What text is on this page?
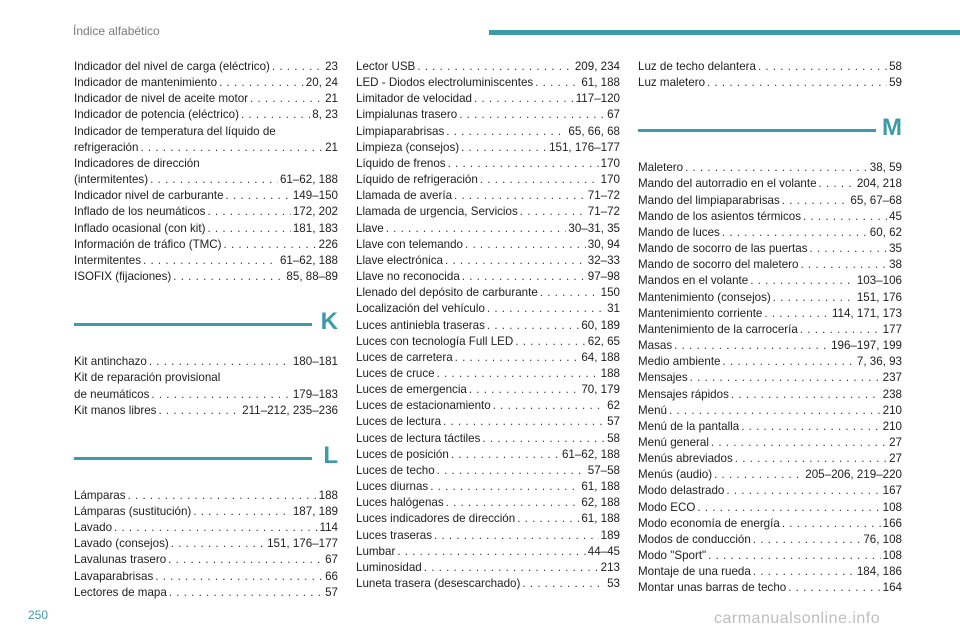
Índice alfabético
Indicador del nivel de carga (eléctrico) . . .	23
Indicador de mantenimiento . . .	20, 24
Indicador de nivel de aceite motor . . .	21
Indicador de potencia (eléctrico) . . .	8, 23
Indicador de temperatura del líquido de
refrigeración . . .	21
Indicadores de dirección
(intermitentes) . . .	61–62, 188
Indicador nivel de carburante . . .	149–150
Inflado de los neumáticos . . .	172, 202
Inflado ocasional (con kit) . . .	181, 183
Información de tráfico (TMC) . . .	226
Intermitentes . . .	61–62, 188
ISOFIX (fijaciones) . . .	85, 88–89
K
Kit antinchazo . . .	180–181
Kit de reparación provisional
de neumáticos . . .	179–183
Kit manos libres . . .	211–212, 235–236
L
Lámparas . . .	188
Lámparas (sustitución) . . .	187, 189
Lavado . . .	114
Lavado (consejos) . . .	151, 176–177
Lavalunas trasero . . .	67
Lavaparabrisas . . .	66
Lectores de mapa . . .	57
Lector USB . . .	209, 234
LED - Diodos electroluminiscentes . . .	61, 188
Limitador de velocidad . . .	117–120
Limpialunas trasero . . .	67
Limpiaparabrisas . . .	65, 66, 68
Limpieza (consejos) . . .	151, 176–177
Líquido de frenos . . .	170
Líquido de refrigeración . . .	170
Llamada de avería . . .	71–72
Llamada de urgencia, Servicios . . .	71–72
Llave . . .	30–31, 35
Llave con telemando . . .	30, 94
Llave electrónica . . .	32–33
Llave no reconocida . . .	97–98
Llenado del depósito de carburante . . .	150
Localización del vehículo . . .	31
Luces antiniebla traseras . . .	60, 189
Luces con tecnología Full LED . . .	62, 65
Luces de carretera . . .	64, 188
Luces de cruce . . .	188
Luces de emergencia . . .	70, 179
Luces de estacionamiento . . .	62
Luces de lectura . . .	57
Luces de lectura táctiles . . .	58
Luces de posición . . .	61–62, 188
Luces de techo . . .	57–58
Luces diurnas . . .	61, 188
Luces halógenas . . .	62, 188
Luces indicadores de dirección . . .	61, 188
Luces traseras . . .	189
Lumbar . . .	44–45
Luminosidad . . .	213
Luneta trasera (desescarchado) . . .	53
Luz de techo delantera . . .	58
Luz maletero . . .	59
M
Maletero . . .	38, 59
Mando del autorradio en el volante . . .	204, 218
Mando del limpiaparabrisas . . .	65, 67–68
Mando de los asientos térmicos . . .	45
Mando de luces . . .	60, 62
Mando de socorro de las puertas . . .	35
Mando de socorro del maletero . . .	38
Mandos en el volante . . .	103–106
Mantenimiento (consejos) . . .	151, 176
Mantenimiento corriente . . .	114, 171, 173
Mantenimiento de la carrocería . . .	177
Masas . . .	196–197, 199
Medio ambiente . . .	7, 36, 93
Mensajes . . .	237
Mensajes rápidos . . .	238
Menú . . .	210
Menú de la pantalla . . .	210
Menú general . . .	27
Menús abreviados . . .	27
Menús (audio) . . .	205–206, 219–220
Modo delastrado . . .	167
Modo ECO . . .	108
Modo economía de energía . . .	166
Modos de conducción . . .	76, 108
Modo "Sport" . . .	108
Montaje de una rueda . . .	184, 186
Montar unas barras de techo . . .	164
250	carmanualsonline.info
